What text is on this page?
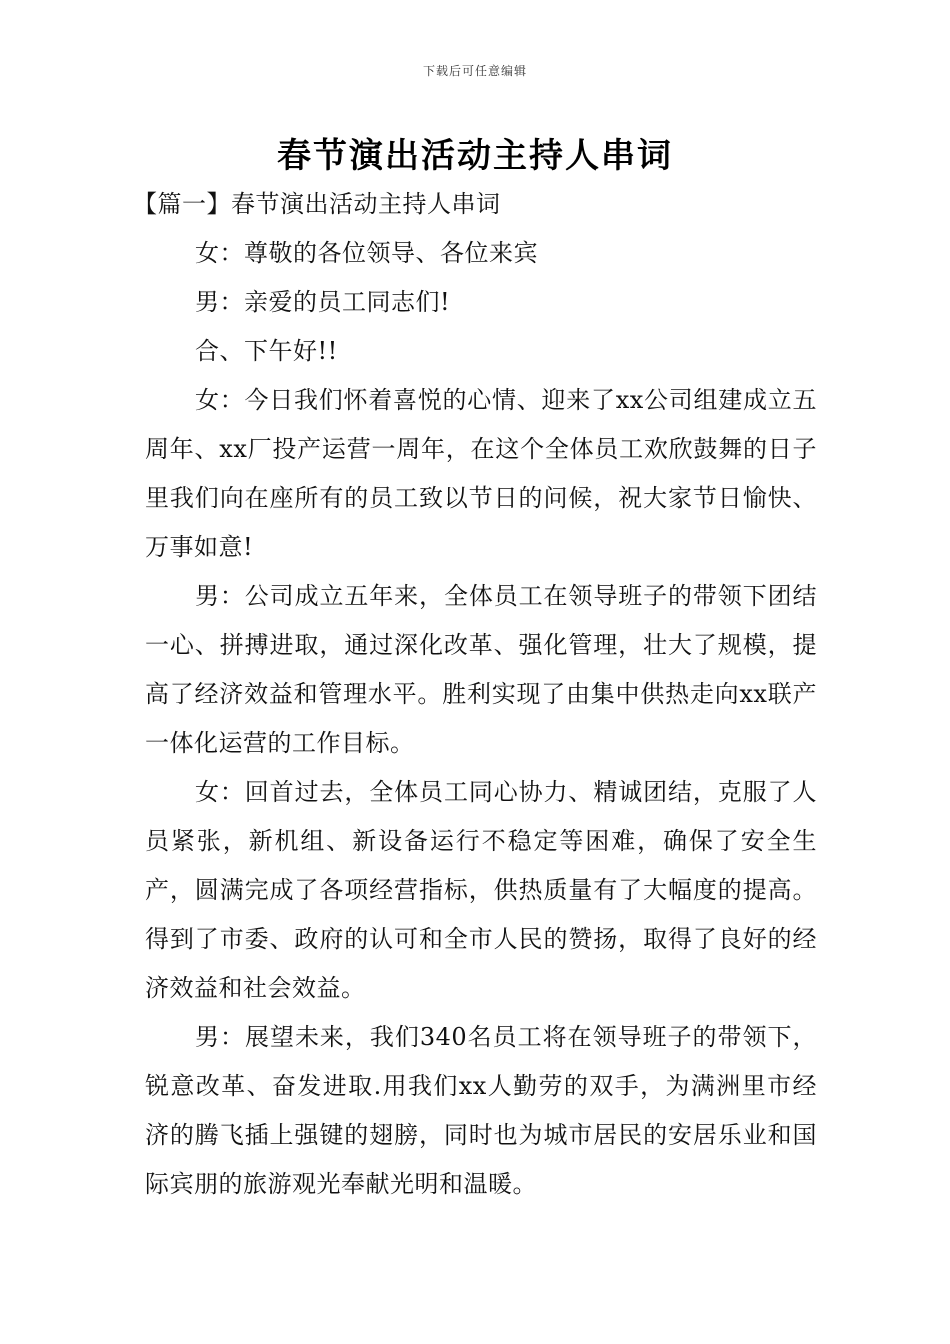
下载后可任意编辑
春节演出活动主持人串词

【篇一】春节演出活动主持人串词

女：尊敬的各位领导、各位来宾

男：亲爱的员工同志们!

合、下午好!!

女：今日我们怀着喜悦的心情、迎来了xx公司组建成立五周年、xx厂投产运营一周年，在这个全体员工欢欣鼓舞的日子里我们向在座所有的员工致以节日的问候，祝大家节日愉快、万事如意!

男：公司成立五年来，全体员工在领导班子的带领下团结一心、拼搏进取，通过深化改革、强化管理，壮大了规模，提高了经济效益和管理水平。胜利实现了由集中供热走向xx联产一体化运营的工作目标。

女：回首过去，全体员工同心协力、精诚团结，克服了人员紧张，新机组、新设备运行不稳定等困难，确保了安全生产，圆满完成了各项经营指标，供热质量有了大幅度的提高。得到了市委、政府的认可和全市人民的赞扬，取得了良好的经济效益和社会效益。

男：展望未来，我们340名员工将在领导班子的带领下，锐意改革、奋发进取.用我们xx人勤劳的双手，为满洲里市经济的腾飞插上强键的翅膀，同时也为城市居民的安居乐业和国际宾朋的旅游观光奉献光明和温暖。
